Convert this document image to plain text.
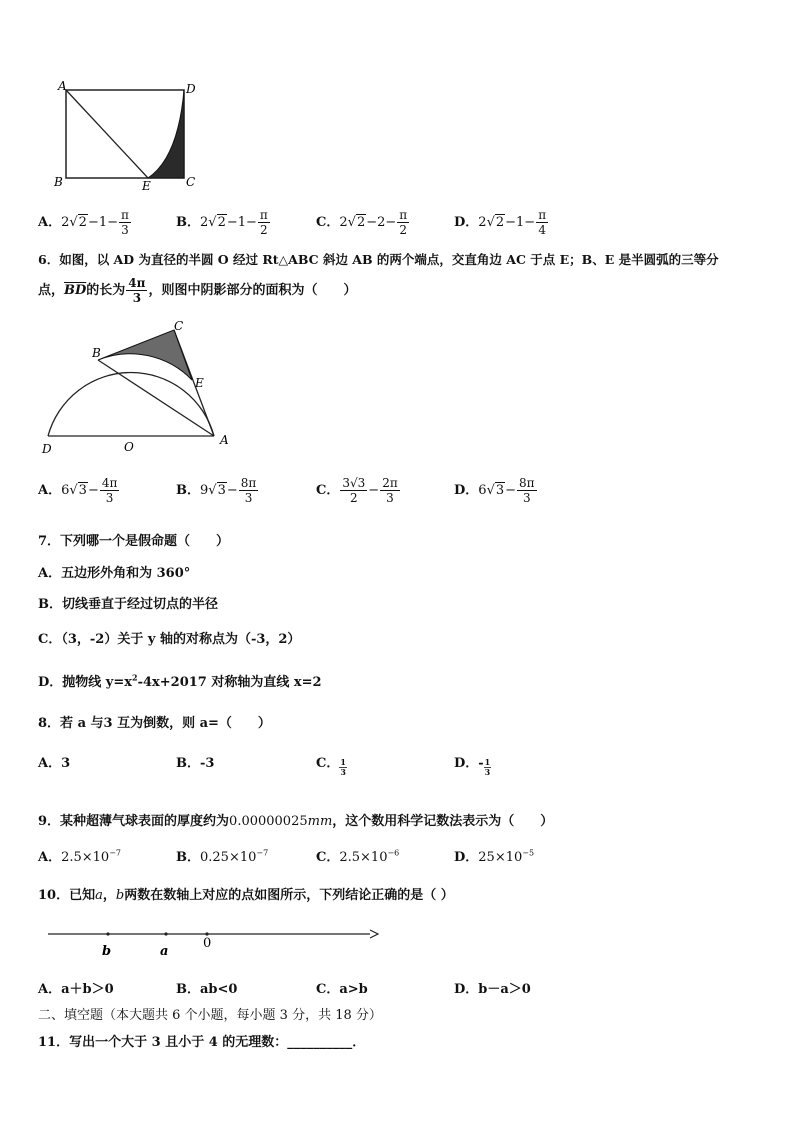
A	D
B	E	C
A．$2√2-1- \frac{\pi}{3}$	B．$2√2-1- \frac{\pi}{2}$	C．$2√2-2- \frac{\pi}{2}$	D．$2√2-1- \frac{\pi}{4}$
6．如图，以 AD 为直径的半圆 O 经过 Rt△ABC 斜边 AB 的两个端点，交直角边 AC 于点 E；B、E 是半圆弧的三等分
点，$\overline{BD}$的长为 $\frac{4\pi}{3}$ ，则图中阴影部分的面积为（　　）
B
C
E
D	O	A
A．$6√3- \frac{4\pi}{3}$	B．$9√3- \frac{8\pi}{3}$	C． $\frac{3√3}{2} - \frac{2\pi}{3}$	D．$6√3- \frac{8\pi}{3}$
7．下列哪一个是假命题（　　）
A．五边形外角和为 360°
B．切线垂直于经过切点的半径
C．（3，-2）关于 y 轴的对称点为（-3，2）
D．抛物线 $y=x^2-4x+2017$ 对称轴为直线 x=2
8．若 a 与3 互为倒数，则 a=（　　）
A．3	B．-3	C． $\frac{1}{3}$	D．- $\frac{1}{3}$
9．某种超薄气球表面的厚度约为0.00000025mm，这个数用科学记数法表示为（　　）
A．$2.5\times 10^{-7}$	B．$0.25\times 10^{-7}$	C．$2.5\times 10^{-6}$	D．$25\times 10^{-5}$
10．已知a，b两数在数轴上对应的点如图所示，下列结论正确的是（ ）
b	a
0
A．a＋b＞0	B．ab<0	C．a>b	D．b－a＞0
二、填空题（本大题共 6 个小题，每小题 3 分，共 18 分）
11．写出一个大于 3 且小于 4 的无理数：__________．
